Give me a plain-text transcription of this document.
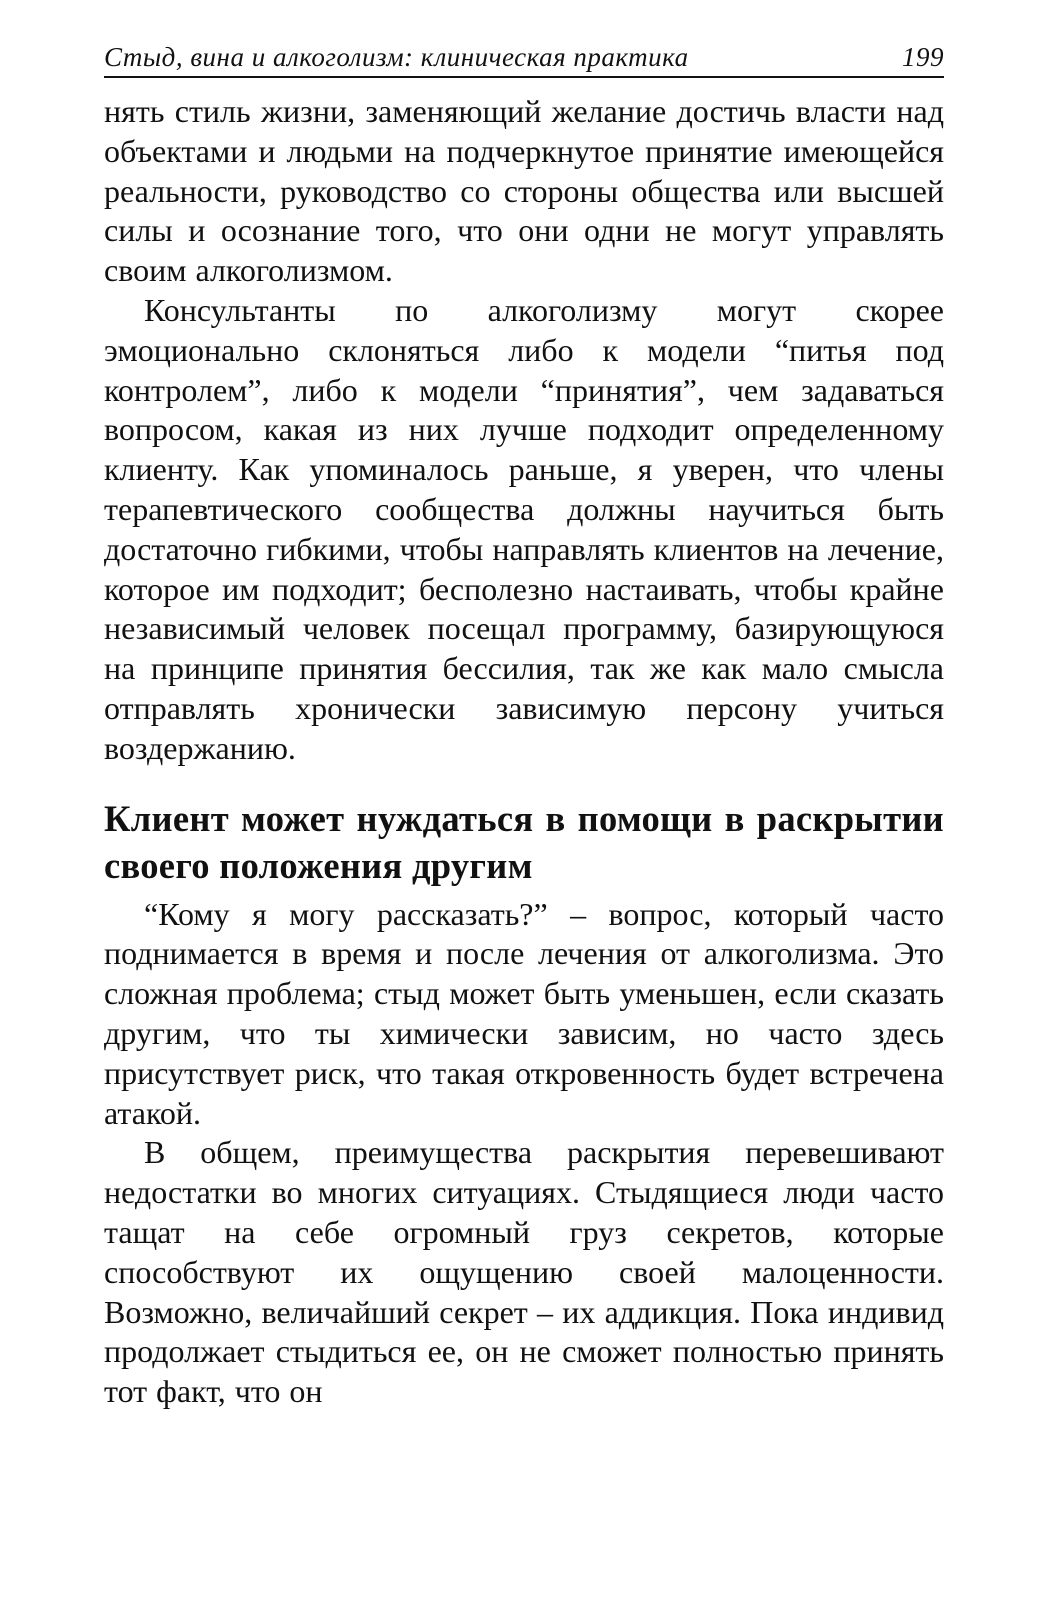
Стыд, вина и алкоголизм: клиническая практика	199

нять стиль жизни, заменяющий желание достичь власти над объектами и людьми на подчеркнутое принятие имеющейся реальности, руководство со стороны общества или высшей силы и осознание того, что они одни не могут управлять своим алкоголизмом.

Консультанты по алкоголизму могут скорее эмоционально склоняться либо к модели “питья под контролем”, либо к модели “принятия”, чем задаваться вопросом, какая из них лучше подходит определенному клиенту. Как упоминалось раньше, я уверен, что члены терапевтического сообщества должны научиться быть достаточно гибкими, чтобы направлять клиентов на лечение, которое им подходит; бесполезно настаивать, чтобы крайне независимый человек посещал программу, базирующуюся на принципе принятия бессилия, так же как мало смысла отправлять хронически зависимую персону учиться воздержанию.

Клиент может нуждаться в помощи в раскрытии своего положения другим

“Кому я могу рассказать?” – вопрос, который часто поднимается в время и после лечения от алкоголизма. Это сложная проблема; стыд может быть уменьшен, если сказать другим, что ты химически зависим, но часто здесь присутствует риск, что такая откровенность будет встречена атакой.

В общем, преимущества раскрытия перевешивают недостатки во многих ситуациях. Стыдящиеся люди часто тащат на себе огромный груз секретов, которые способствуют их ощущению своей малоценности. Возможно, величайший секрет – их аддикция. Пока индивид продолжает стыдиться ее, он не сможет полностью принять тот факт, что он
